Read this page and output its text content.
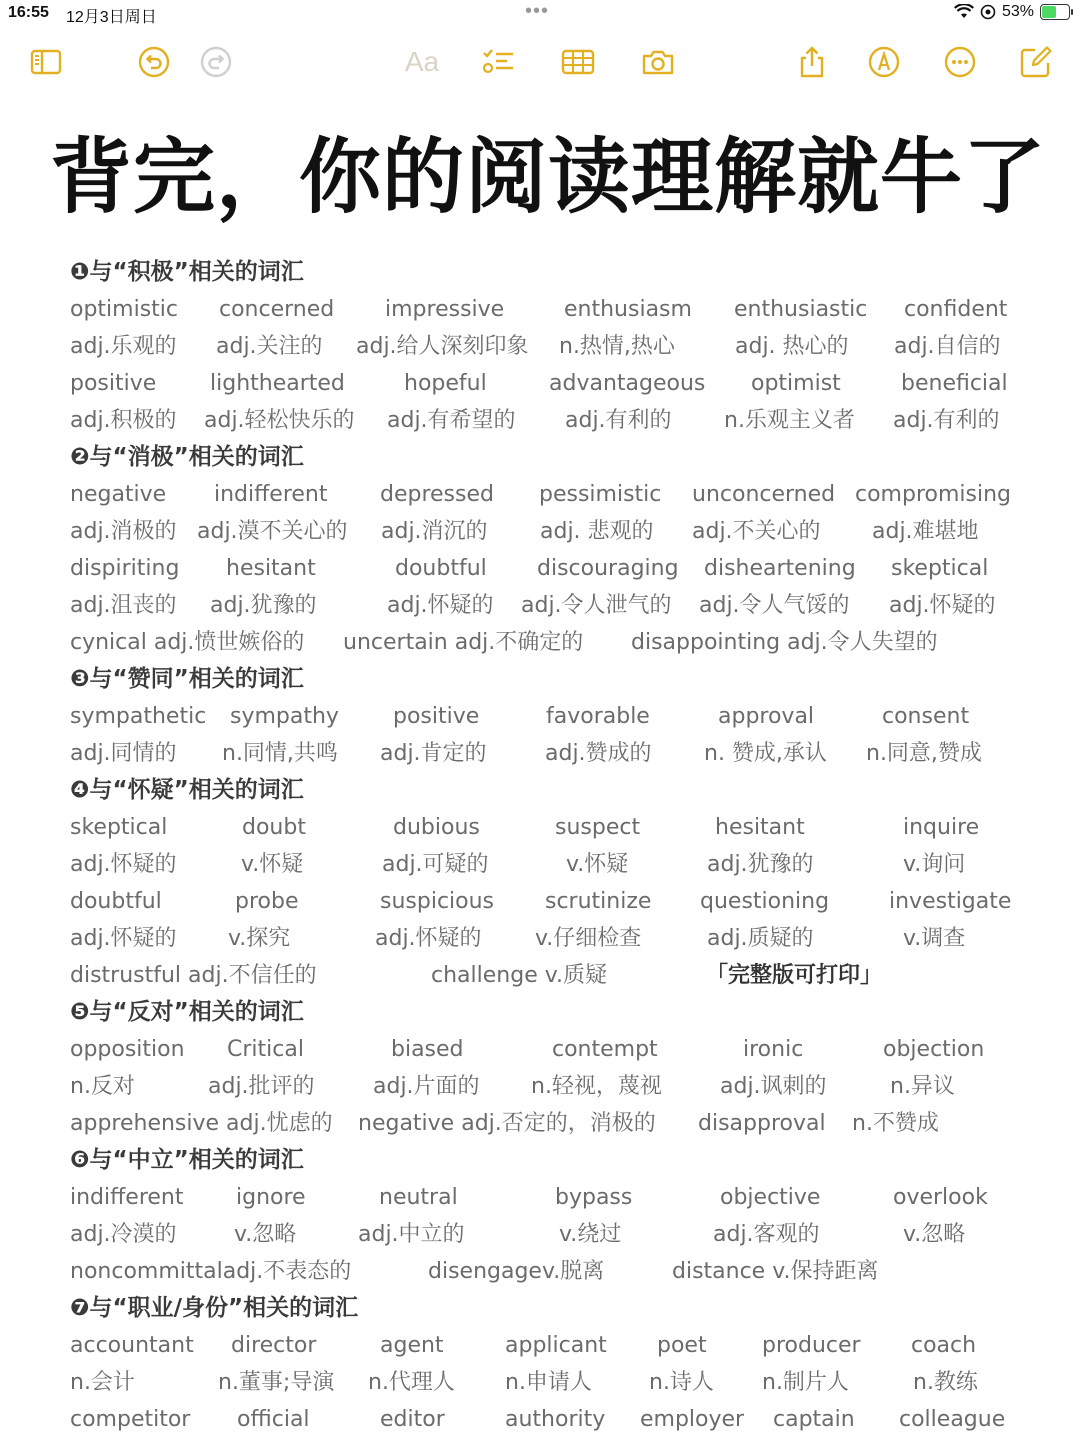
16:55 12月3日周日	•••	53%
Aa
背完，你的阅读理解就牛了
❶与“积极”相关的词汇
optimistic concerned impressive	enthusiasm enthusiastic confident
adj.乐观的 adj.关注的 adj.给人深刻印象 n.热情,热心	adj. 热心的 adj.自信的
positive lighthearted	hopeful	advantageous optimist	beneficial
adj.积极的 adj.轻松快乐的 adj.有希望的 adj.有利的 n.乐观主义者 adj.有利的
❷与“消极”相关的词汇
negative indifferent depressed pessimistic unconcerned compromising
adj.消极的 adj.漠不关心的 adj.消沉的 adj. 悲观的 adj.不关心的 adj.难堪地
dispiriting hesitant	doubtful discouraging disheartening skeptical
adj.沮丧的 adj.犹豫的	adj.怀疑的 adj.令人泄气的 adj.令人气馁的 adj.怀疑的
cynical adj.愤世嫉俗的 uncertain adj.不确定的 disappointing adj.令人失望的
❸与“赞同”相关的词汇
sympathetic sympathy positive	favorable	approval	consent
adj.同情的 n.同情,共鸣 adj.肯定的	adj.赞成的 n. 赞成,承认 n.同意,赞成
❹与“怀疑”相关的词汇
skeptical	doubt	dubious	suspect	hesitant	inquire
adj.怀疑的	v.怀疑	adj.可疑的	v.怀疑	adj.犹豫的	v.询问
doubtful	probe	suspicious scrutinize questioning	investigate
adj.怀疑的 v.探究	adj.怀疑的 v.仔细检查	adj.质疑的	v.调查
distrustful adj.不信任的	challenge v.质疑	「完整版可打印」
❺与“反对”相关的词汇
opposition Critical	biased	contempt	ironic	objection
n.反对	adj.批评的	adj.片面的 n.轻视，蔑视	adj.讽刺的	n.异议
apprehensive adj.忧虑的 negative adj.否定的，消极的 disapproval n.不赞成
❻与“中立”相关的词汇
indifferent ignore	neutral	bypass	objective	overlook
adj.冷漠的	v.忽略	adj.中立的	v.绕过	adj.客观的	v.忽略
noncommittaladj.不表态的	disengagev.脱离	distance v.保持距离
❼与“职业/身份”相关的词汇
accountant director	agent	applicant poet	producer coach
n.会计	n.董事;导演 n.代理人 n.申请人	n.诗人 n.制片人	n.教练
competitor official	editor	authority employer captain colleague
